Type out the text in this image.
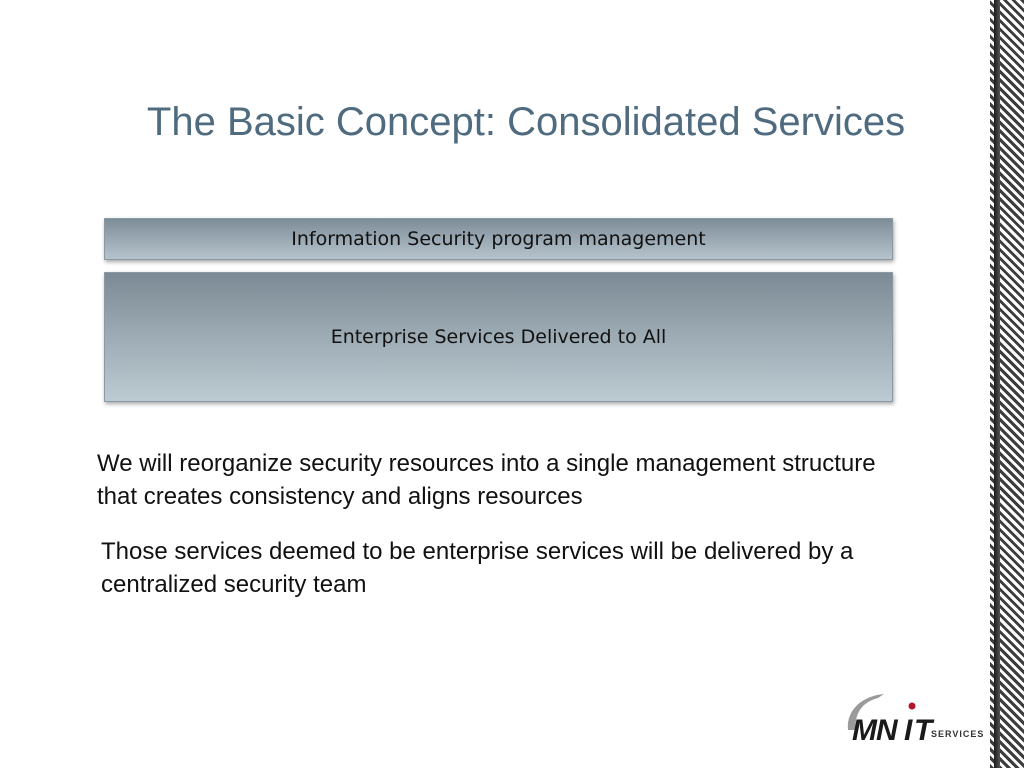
The Basic Concept: Consolidated Services
Information Security program management
Enterprise Services Delivered to All

We will reorganize security resources into a single management structure that creates consistency and aligns resources

Those services deemed to be enterprise services will be delivered by a centralized security team

MN I T
SERVICES
